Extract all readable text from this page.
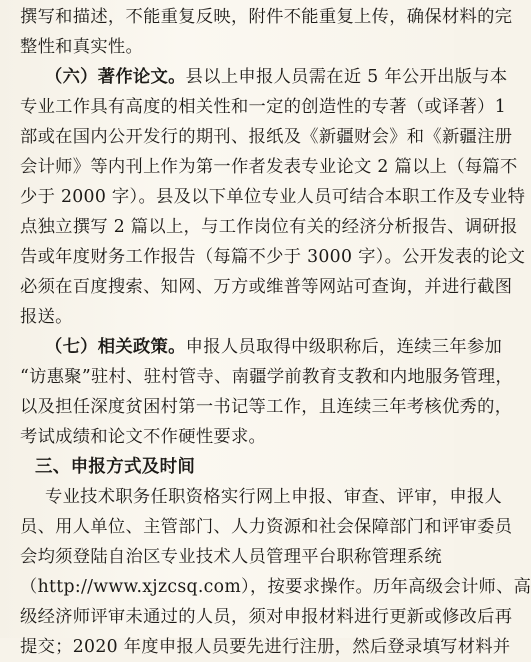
撰写和描述，不能重复反映，附件不能重复上传，确保材料的完
整性和真实性。
（六）著作论文。县以上申报人员需在近 5 年公开出版与本
专业工作具有高度的相关性和一定的创造性的专著（或译著）1
部或在国内公开发行的期刊、报纸及《新疆财会》和《新疆注册
会计师》等内刊上作为第一作者发表专业论文 2 篇以上（每篇不
少于 2000 字）。县及以下单位专业人员可结合本职工作及专业特
点独立撰写 2 篇以上，与工作岗位有关的经济分析报告、调研报
告或年度财务工作报告（每篇不少于 3000 字）。公开发表的论文
必须在百度搜索、知网、万方或维普等网站可查询，并进行截图
报送。
（七）相关政策。申报人员取得中级职称后，连续三年参加
“访惠聚”驻村、驻村管寺、南疆学前教育支教和内地服务管理，
以及担任深度贫困村第一书记等工作，且连续三年考核优秀的，
考试成绩和论文不作硬性要求。
三、申报方式及时间
专业技术职务任职资格实行网上申报、审查、评审，申报人
员、用人单位、主管部门、人力资源和社会保障部门和评审委员
会均须登陆自治区专业技术人员管理平台职称管理系统
（http://www.xjzcsq.com），按要求操作。历年高级会计师、高
级经济师评审未通过的人员，须对申报材料进行更新或修改后再
提交；2020 年度申报人员要先进行注册，然后登录填写材料并
